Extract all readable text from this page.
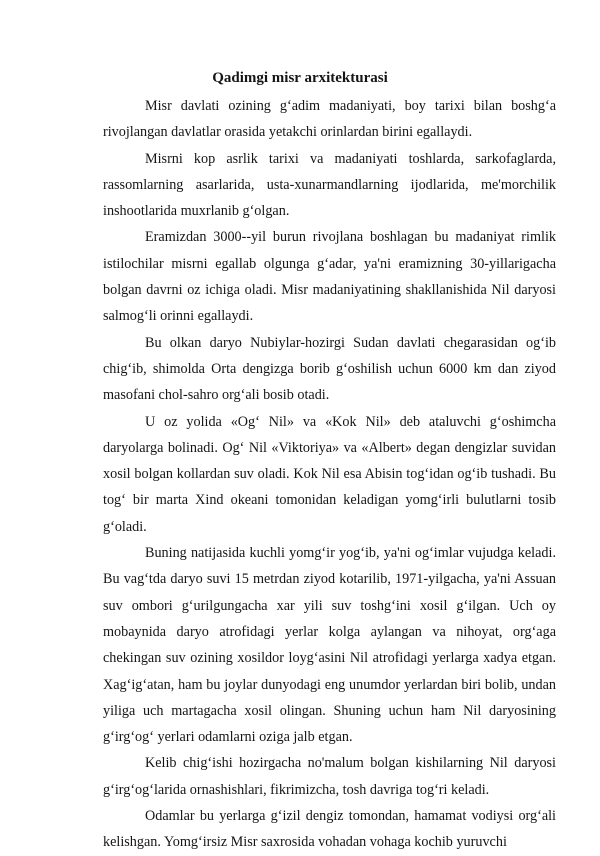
Qadimgi misr arxitekturasi

Misr davlati ozining g‘adim madaniyati, boy tarixi bilan boshg‘a rivojlangan davlatlar orasida yetakchi orinlardan birini egallaydi.

Misrni kop asrlik tarixi va madaniyati toshlarda, sarkofaglarda, rassomlarning asarlarida, usta-xunarmandlarning ijodlarida, me'morchilik inshootlarida muxrlanib g‘olgan.

Eramizdan 3000--yil burun rivojlana boshlagan bu madaniyat rimlik istilochilar misrni egallab olgunga g‘adar, ya'ni eramizning 30-yillarigacha bolgan davrni oz ichiga oladi. Misr madaniyatining shakllanishida Nil daryosi salmog‘li orinni egallaydi.

Bu olkan daryo Nubiylar-hozirgi Sudan davlati chegarasidan og‘ib chig‘ib, shimolda Orta dengizga borib g‘oshilish uchun 6000 km dan ziyod masofani chol-sahro org‘ali bosib otadi.

U oz yolida «Og‘ Nil» va «Kok Nil» deb ataluvchi g‘oshimcha daryolarga bolinadi. Og‘ Nil «Viktoriya» va «Albert» degan dengizlar suvidan xosil bolgan kollardan suv oladi. Kok Nil esa Abisin tog‘idan og‘ib tushadi. Bu tog‘ bir marta Xind okeani tomonidan keladigan yomg‘irli bulutlarni tosib g‘oladi.

Buning natijasida kuchli yomg‘ir yog‘ib, ya'ni og‘imlar vujudga keladi. Bu vag‘tda daryo suvi 15 metrdan ziyod kotarilib, 1971-yilgacha, ya'ni Assuan suv ombori g‘urilgungacha xar yili suv toshg‘ini xosil g‘ilgan. Uch oy mobaynida daryo atrofidagi yerlar kolga aylangan va nihoyat, org‘aga chekingan suv ozining xosildor loyg‘asini Nil atrofidagi yerlarga xadya etgan. Xag‘ig‘atan, ham bu joylar dunyodagi eng unumdor yerlardan biri bolib, undan yiliga uch martagacha xosil olingan. Shuning uchun ham Nil daryosining g‘irg‘og‘ yerlari odamlarni oziga jalb etgan.

Kelib chig‘ishi hozirgacha no'malum bolgan kishilarning Nil daryosi g‘irg‘og‘larida ornashishlari, fikrimizcha, tosh davriga tog‘ri keladi.

Odamlar bu yerlarga g‘izil dengiz tomondan, hamamat vodiysi org‘ali kelishgan. Yomg‘irsiz Misr saxrosida vohadan vohaga kochib yuruvchi
